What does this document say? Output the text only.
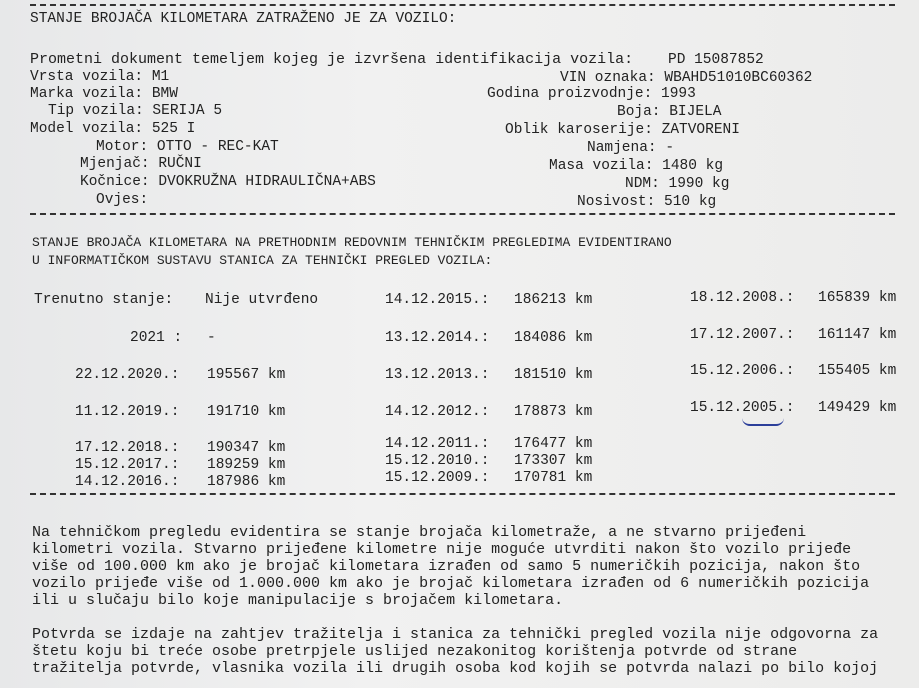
STANJE BROJAČA KILOMETARA ZATRAŽENO JE ZA VOZILO:
Prometni dokument temeljem kojeg je izvršena identifikacija vozila: PD 15087852
Vrsta vozila: M1	VIN oznaka: WBAHD51010BC60362
Marka vozila: BMW	Godina proizvodnje: 1993
Tip vozila: SERIJA 5	Boja: BIJELA
Model vozila: 525 I	Oblik karoserije: ZATVORENI
Motor: OTTO - REC-KAT	Namjena: -
Mjenjač: RUČNI	Masa vozila: 1480 kg
Kočnice: DVOKRUŽNA HIDRAULIČNA+ABS	NDM: 1990 kg
Ovjes:	Nosivost: 510 kg
STANJE BROJAČA KILOMETARA NA PRETHODNIM REDOVNIM TEHNIČKIM PREGLEDIMA EVIDENTIRANO
U INFORMATIČKOM SUSTAVU STANICA ZA TEHNIČKI PREGLED VOZILA:
Trenutno stanje: Nije utvrđeno
2021 : -
22.12.2020.: 195567 km
11.12.2019.: 191710 km
17.12.2018.: 190347 km
15.12.2017.: 189259 km
14.12.2016.: 187986 km
14.12.2015.: 186213 km
13.12.2014.: 184086 km
13.12.2013.: 181510 km
14.12.2012.: 178873 km
14.12.2011.: 176477 km
15.12.2010.: 173307 km
15.12.2009.: 170781 km
18.12.2008.: 165839 km
17.12.2007.: 161147 km
15.12.2006.: 155405 km
15.12.2005.: 149429 km
Na tehničkom pregledu evidentira se stanje brojača kilometraže, a ne stvarno prijeđeni
kilometri vozila. Stvarno prijeđene kilometre nije moguće utvrditi nakon što vozilo prijeđe
više od 100.000 km ako je brojač kilometara izrađen od samo 5 numeričkih pozicija, nakon što
vozilo prijeđe više od 1.000.000 km ako je brojač kilometara izrađen od 6 numeričkih pozicija
ili u slučaju bilo koje manipulacije s brojačem kilometara.
Potvrda se izdaje na zahtjev tražitelja i stanica za tehnički pregled vozila nije odgovorna za
štetu koju bi treće osobe pretrpjele uslijed nezakonitog korištenja potvrde od strane
tražitelja potvrde, vlasnika vozila ili drugih osoba kod kojih se potvrda nalazi po bilo kojoj
